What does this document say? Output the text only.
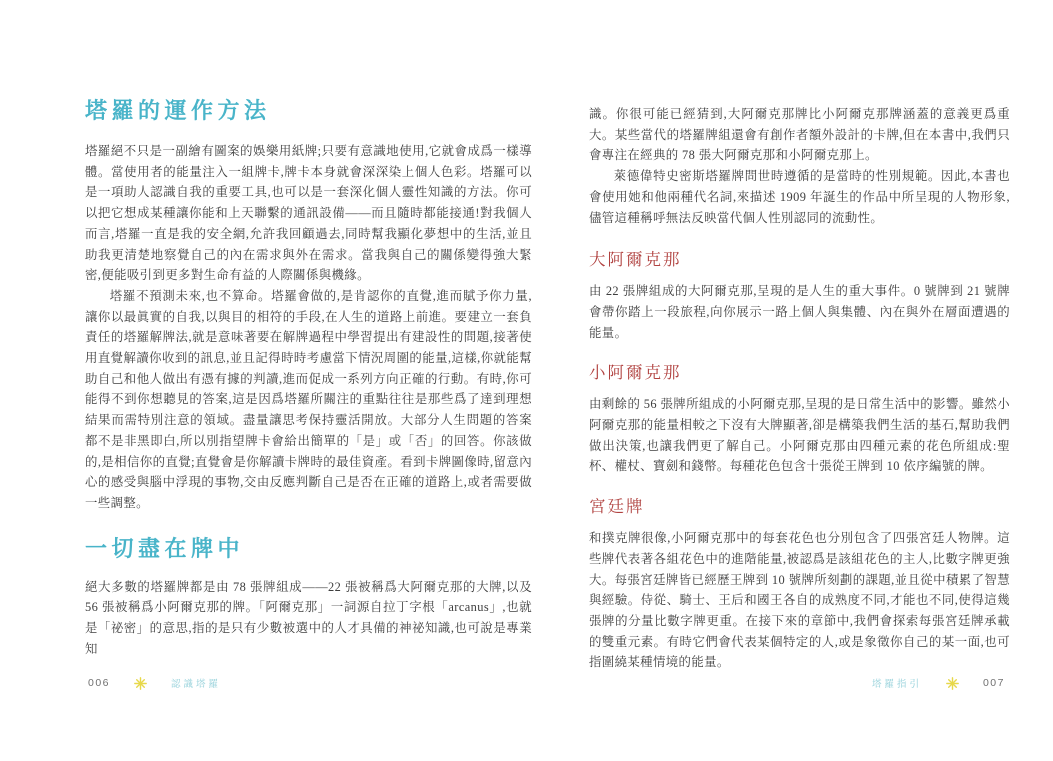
塔羅的運作方法

塔羅絕不只是一副繪有圖案的娛樂用紙牌;只要有意識地使用,它就會成爲一樣導體。當使用者的能量注入一組牌卡,牌卡本身就會深深染上個人色彩。塔羅可以是一項助人認識自我的重要工具,也可以是一套深化個人靈性知識的方法。你可以把它想成某種讓你能和上天聯繫的通訊設備——而且隨時都能接通!對我個人而言,塔羅一直是我的安全網,允許我回顧過去,同時幫我顯化夢想中的生活,並且助我更清楚地察覺自己的內在需求與外在需求。當我與自己的關係變得強大緊密,便能吸引到更多對生命有益的人際關係與機緣。

塔羅不預測未來,也不算命。塔羅會做的,是肯認你的直覺,進而賦予你力量,讓你以最眞實的自我,以與目的相符的手段,在人生的道路上前進。要建立一套負責任的塔羅解牌法,就是意味著要在解牌過程中學習提出有建設性的問題,接著使用直覺解讀你收到的訊息,並且記得時時考慮當下情況周圍的能量,這樣,你就能幫助自己和他人做出有憑有據的判讀,進而促成一系列方向正確的行動。有時,你可能得不到你想聽見的答案,這是因爲塔羅所關注的重點往往是那些爲了達到理想結果而需特別注意的領域。盡量讓思考保持靈活開放。大部分人生問題的答案都不是非黑即白,所以別指望牌卡會給出簡單的「是」或「否」的回答。你該做的,是相信你的直覺;直覺會是你解讀卡牌時的最佳資產。看到卡牌圖像時,留意內心的感受與腦中浮現的事物,交由反應判斷自己是否在正確的道路上,或者需要做一些調整。

一切盡在牌中

絕大多數的塔羅牌都是由 78 張牌組成——22 張被稱爲大阿爾克那的大牌,以及 56 張被稱爲小阿爾克那的牌。「阿爾克那」一詞源自拉丁字根「arcanus」,也就是「祕密」的意思,指的是只有少數被選中的人才具備的神祕知識,也可說是專業知

識。你很可能已經猜到,大阿爾克那牌比小阿爾克那牌涵蓋的意義更爲重大。某些當代的塔羅牌組還會有創作者額外設計的卡牌,但在本書中,我們只會專注在經典的 78 張大阿爾克那和小阿爾克那上。

萊德偉特史密斯塔羅牌問世時遵循的是當時的性別規範。因此,本書也會使用她和他兩種代名詞,來描述 1909 年誕生的作品中所呈現的人物形象,儘管這種稱呼無法反映當代個人性別認同的流動性。

大阿爾克那

由 22 張牌組成的大阿爾克那,呈現的是人生的重大事件。0 號牌到 21 號牌會帶你踏上一段旅程,向你展示一路上個人與集體、內在與外在層面遭遇的能量。

小阿爾克那

由剩餘的 56 張牌所組成的小阿爾克那,呈現的是日常生活中的影響。雖然小阿爾克那的能量相較之下沒有大牌顯著,卻是構築我們生活的基石,幫助我們做出決策,也讓我們更了解自己。小阿爾克那由四種元素的花色所組成:聖杯、權杖、寶劍和錢幣。每種花色包含十張從王牌到 10 依序編號的牌。

宮廷牌

和撲克牌很像,小阿爾克那中的每套花色也分別包含了四張宮廷人物牌。這些牌代表著各組花色中的進階能量,被認爲是該組花色的主人,比數字牌更強大。每張宮廷牌皆已經歷王牌到 10 號牌所刻劃的課題,並且從中積累了智慧與經驗。侍從、騎士、王后和國王各自的成熟度不同,才能也不同,使得這幾張牌的分量比數字牌更重。在接下來的章節中,我們會探索每張宮廷牌承載的雙重元素。有時它們會代表某個特定的人,或是象徵你自己的某一面,也可指圍繞某種情境的能量。

006	認識塔羅	塔羅指引	007
